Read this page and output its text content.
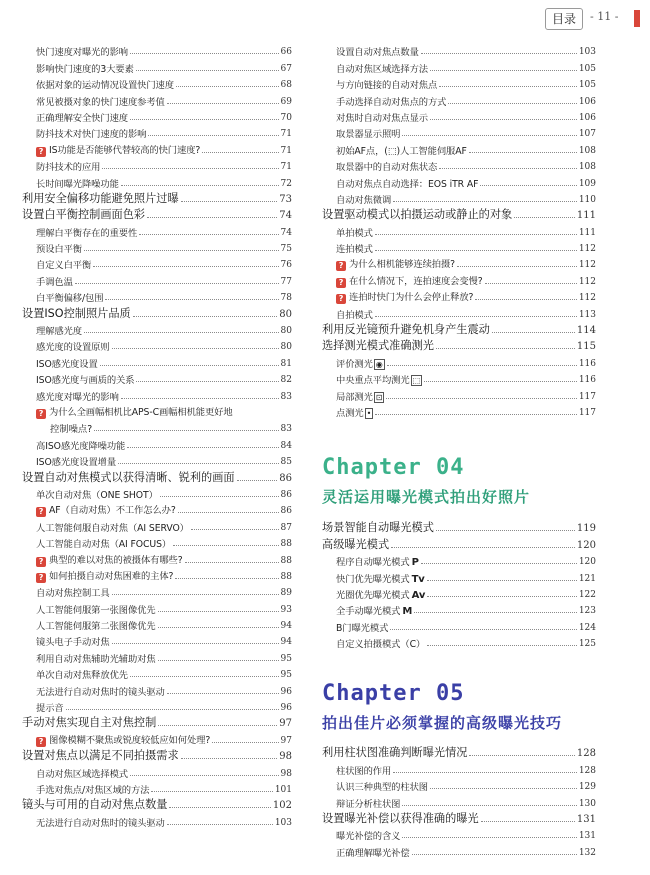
目录	- 11 -
快门速度对曝光的影响	66
影响快门速度的3大要素	67
依据对象的运动情况设置快门速度	68
常见被摄对象的快门速度参考值	69
正确理解安全快门速度	70
防抖技术对快门速度的影响	71
? IS功能是否能够代替较高的快门速度?	71
防抖技术的应用	71
长时间曝光降噪功能	72
利用安全偏移功能避免照片过曝	73
设置白平衡控制画面色彩	74
理解白平衡存在的重要性	74
预设白平衡	75
自定义白平衡	76
手调色温	77
白平衡偏移/包围	78
设置ISO控制照片品质	80
理解感光度	80
感光度的设置原则	80
ISO感光度设置	81
ISO感光度与画质的关系	82
感光度对曝光的影响	83
? 为什么全画幅相机比APS-C画幅相机能更好地
控制噪点?	83
高ISO感光度降噪功能	84
ISO感光度设置增量	85
设置自动对焦模式以获得清晰、锐利的画面	86
单次自动对焦（ONE SHOT）	86
? AF（自动对焦）不工作怎么办?	86
人工智能伺服自动对焦（AI SERVO）	87
人工智能自动对焦（AI FOCUS）	88
? 典型的难以对焦的被摄体有哪些?	88
? 如何拍摄自动对焦困难的主体?	88
自动对焦控制工具	89
人工智能伺服第一张图像优先	93
人工智能伺服第二张图像优先	94
镜头电子手动对焦	94
利用自动对焦辅助光辅助对焦	95
单次自动对焦释放优先	95
无法进行自动对焦时的镜头驱动	96
提示音	96
手动对焦实现自主对焦控制	97
? 图像模糊不聚焦或锐度较低应如何处理?	97
设置对焦点以满足不同拍摄需求	98
自动对焦区域选择模式	98
手选对焦点/对焦区域的方法	101
镜头与可用的自动对焦点数量	102
无法进行自动对焦时的镜头驱动	103
设置自动对焦点数量	103
自动对焦区域选择方法	105
与方向链接的自动对焦点	105
手动选择自动对焦点的方式	106
对焦时自动对焦点显示	106
取景器显示照明	107
初始AF点，(⬚)人工智能伺服AF	108
取景器中的自动对焦状态	108
自动对焦点自动选择：EOS iTR AF	109
自动对焦微调	110
设置驱动模式以拍摄运动或静止的对象	111
单拍模式	111
连拍模式	112
? 为什么相机能够连续拍摄?	112
? 在什么情况下，连拍速度会变慢?	112
? 连拍时快门为什么会停止释放?	112
自拍模式	113
利用反光镜预升避免机身产生震动	114
选择测光模式准确测光	115
评价测光 ◉	116
中央重点平均测光 ⬚	116
局部测光 ⊡	117
点测光 •	117
Chapter 04
灵活运用曝光模式拍出好照片
场景智能自动曝光模式	119
高级曝光模式	120
程序自动曝光模式 P	120
快门优先曝光模式 Tv	121
光圈优先曝光模式 Av	122
全手动曝光模式 M	123
B门曝光模式	124
自定义拍摄模式（C）	125
Chapter 05
拍出佳片必须掌握的高级曝光技巧
利用柱状图准确判断曝光情况	128
柱状图的作用	128
认识三种典型的柱状图	129
辩证分析柱状图	130
设置曝光补偿以获得准确的曝光	131
曝光补偿的含义	131
正确理解曝光补偿	132
